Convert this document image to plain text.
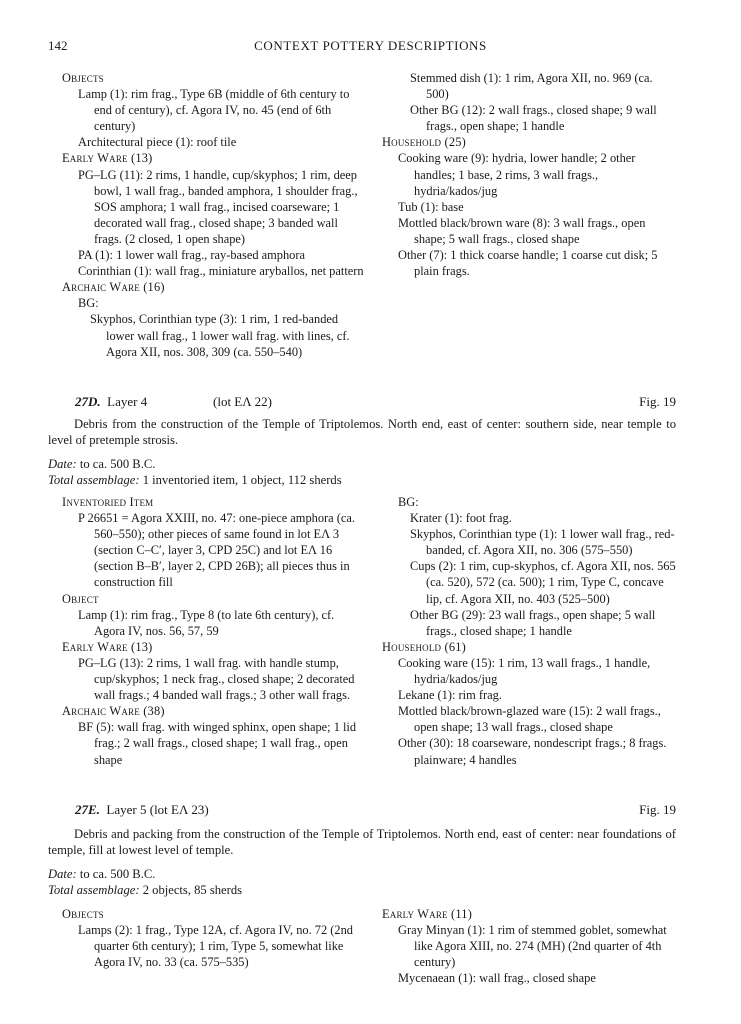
142	CONTEXT POTTERY DESCRIPTIONS
Objects
Lamp (1): rim frag., Type 6B (middle of 6th century to end of century), cf. Agora IV, no. 45 (end of 6th century)
Architectural piece (1): roof tile
Early Ware (13)
PG–LG (11): 2 rims, 1 handle, cup/skyphos; 1 rim, deep bowl, 1 wall frag., banded amphora, 1 shoulder frag., SOS amphora; 1 wall frag., incised coarseware; 1 decorated wall frag., closed shape; 3 banded wall frags. (2 closed, 1 open shape)
PA (1): 1 lower wall frag., ray-based amphora
Corinthian (1): wall frag., miniature aryballos, net pattern
Archaic Ware (16)
BG:
Skyphos, Corinthian type (3): 1 rim, 1 red-banded lower wall frag., 1 lower wall frag. with lines, cf. Agora XII, nos. 308, 309 (ca. 550–540)
Stemmed dish (1): 1 rim, Agora XII, no. 969 (ca. 500)
Other BG (12): 2 wall frags., closed shape; 9 wall frags., open shape; 1 handle
Household (25)
Cooking ware (9): hydria, lower handle; 2 other handles; 1 base, 2 rims, 3 wall frags., hydria/kados/jug
Tub (1): base
Mottled black/brown ware (8): 3 wall frags., open shape; 5 wall frags., closed shape
Other (7): 1 thick coarse handle; 1 coarse cut disk; 5 plain frags.
27D. Layer 4	(lot EΛ 22)	Fig. 19
Debris from the construction of the Temple of Triptolemos. North end, east of center: southern side, near temple to level of pretemple strosis.
Date: to ca. 500 B.C.
Total assemblage: 1 inventoried item, 1 object, 112 sherds
Inventoried Item
P 26651 = Agora XXIII, no. 47: one-piece amphora (ca. 560–550); other pieces of same found in lot EΛ 3 (section C–C′, layer 3, CPD 25C) and lot EΛ 16 (section B–B′, layer 2, CPD 26B); all pieces thus in construction fill
Object
Lamp (1): rim frag., Type 8 (to late 6th century), cf. Agora IV, nos. 56, 57, 59
Early Ware (13)
PG–LG (13): 2 rims, 1 wall frag. with handle stump, cup/skyphos; 1 neck frag., closed shape; 2 decorated wall frags.; 4 banded wall frags.; 3 other wall frags.
Archaic Ware (38)
BF (5): wall frag. with winged sphinx, open shape; 1 lid frag.; 2 wall frags., closed shape; 1 wall frag., open shape
BG:
Krater (1): foot frag.
Skyphos, Corinthian type (1): 1 lower wall frag., red-banded, cf. Agora XII, no. 306 (575–550)
Cups (2): 1 rim, cup-skyphos, cf. Agora XII, nos. 565 (ca. 520), 572 (ca. 500); 1 rim, Type C, concave lip, cf. Agora XII, no. 403 (525–500)
Other BG (29): 23 wall frags., open shape; 5 wall frags., closed shape; 1 handle
Household (61)
Cooking ware (15): 1 rim, 13 wall frags., 1 handle, hydria/kados/jug
Lekane (1): rim frag.
Mottled black/brown-glazed ware (15): 2 wall frags., open shape; 13 wall frags., closed shape
Other (30): 18 coarseware, nondescript frags.; 8 frags. plainware; 4 handles
27E. Layer 5 (lot EΛ 23)	Fig. 19
Debris and packing from the construction of the Temple of Triptolemos. North end, east of center: near foundations of temple, fill at lowest level of temple.
Date: to ca. 500 B.C.
Total assemblage: 2 objects, 85 sherds
Objects
Lamps (2): 1 frag., Type 12A, cf. Agora IV, no. 72 (2nd quarter 6th century); 1 rim, Type 5, somewhat like Agora IV, no. 33 (ca. 575–535)
Early Ware (11)
Gray Minyan (1): 1 rim of stemmed goblet, somewhat like Agora XIII, no. 274 (MH) (2nd quarter of 4th century)
Mycenaean (1): wall frag., closed shape
